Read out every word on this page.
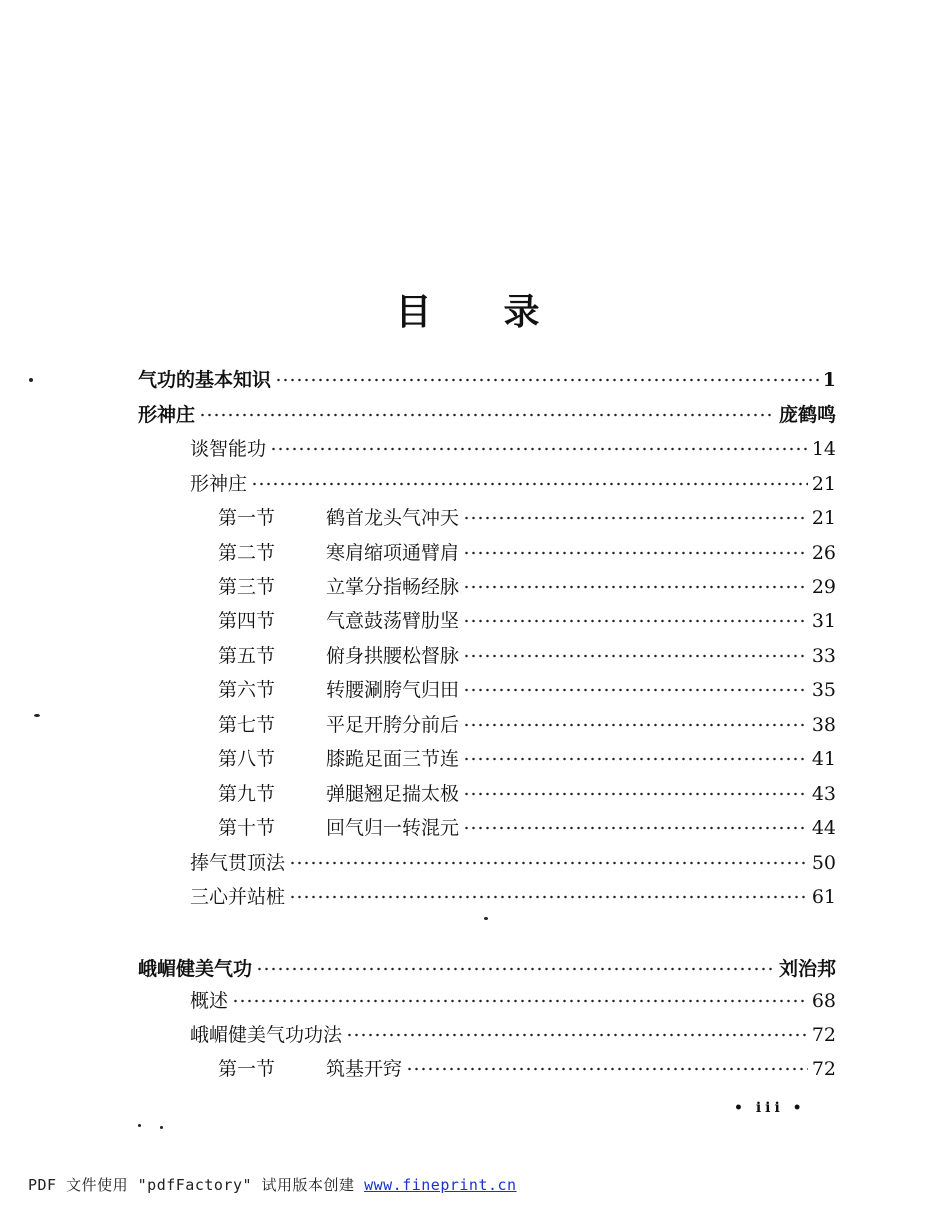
目 录
气功的基本知识	1
形神庄	庞鹤鸣
谈智能功	14
形神庄	21
第一节	鹤首龙头气冲天	21
第二节	寒肩缩项通臂肩	26
第三节	立掌分指畅经脉	29
第四节	气意鼓荡臂肋坚	31
第五节	俯身拱腰松督脉	33
第六节	转腰涮胯气归田	35
第七节	平足开胯分前后	38
第八节	膝跪足面三节连	41
第九节	弹腿翘足揣太极	43
第十节	回气归一转混元	44
捧气贯顶法	50
三心并站桩	61
峨嵋健美气功	刘治邦
概述	68
峨嵋健美气功功法	72
第一节	筑基开窍	72
• iii •
PDF 文件使用 "pdfFactory" 试用版本创建 www.fineprint.cn
